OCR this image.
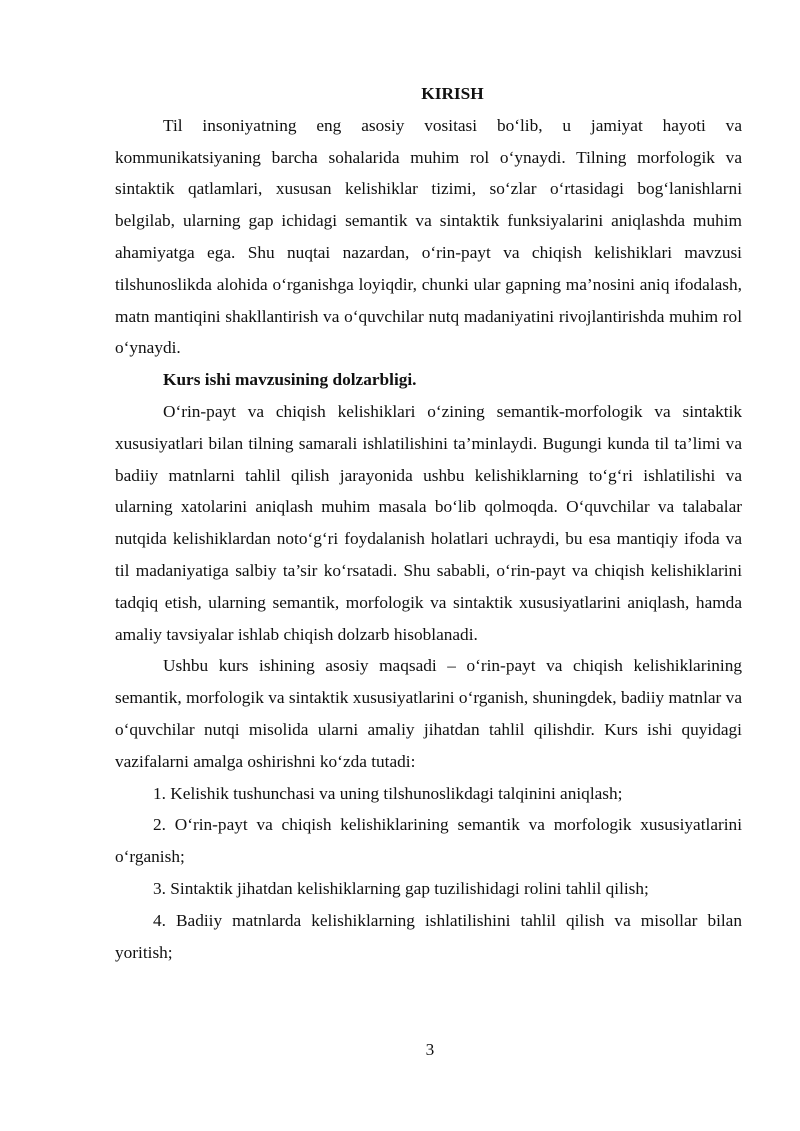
KIRISH

Til insoniyatning eng asosiy vositasi bo‘lib, u jamiyat hayoti va kommunikatsiyaning barcha sohalarida muhim rol o‘ynaydi. Tilning morfologik va sintaktik qatlamlari, xususan kelishiklar tizimi, so‘zlar o‘rtasidagi bog‘lanishlarni belgilab, ularning gap ichidagi semantik va sintaktik funksiyalarini aniqlashda muhim ahamiyatga ega. Shu nuqtai nazardan, o‘rin-payt va chiqish kelishiklari mavzusi tilshunoslikda alohida o‘rganishga loyiqdir, chunki ular gapning ma’nosini aniq ifodalash, matn mantiqini shakllantirish va o‘quvchilar nutq madaniyatini rivojlantirishda muhim rol o‘ynaydi.

Kurs ishi mavzusining dolzarbligi.

O‘rin-payt va chiqish kelishiklari o‘zining semantik-morfologik va sintaktik xususiyatlari bilan tilning samarali ishlatilishini ta’minlaydi. Bugungi kunda til ta’limi va badiiy matnlarni tahlil qilish jarayonida ushbu kelishiklarning to‘g‘ri ishlatilishi va ularning xatolarini aniqlash muhim masala bo‘lib qolmoqda. O‘quvchilar va talabalar nutqida kelishiklardan noto‘g‘ri foydalanish holatlari uchraydi, bu esa mantiqiy ifoda va til madaniyatiga salbiy ta’sir ko‘rsatadi. Shu sababli, o‘rin-payt va chiqish kelishiklarini tadqiq etish, ularning semantik, morfologik va sintaktik xususiyatlarini aniqlash, hamda amaliy tavsiyalar ishlab chiqish dolzarb hisoblanadi.

Ushbu kurs ishining asosiy maqsadi – o‘rin-payt va chiqish kelishiklarining semantik, morfologik va sintaktik xususiyatlarini o‘rganish, shuningdek, badiiy matnlar va o‘quvchilar nutqi misolida ularni amaliy jihatdan tahlil qilishdir. Kurs ishi quyidagi vazifalarni amalga oshirishni ko‘zda tutadi:

1. Kelishik tushunchasi va uning tilshunoslikdagi talqinini aniqlash;
2. O‘rin-payt va chiqish kelishiklarining semantik va morfologik xususiyatlarini o‘rganish;
3. Sintaktik jihatdan kelishiklarning gap tuzilishidagi rolini tahlil qilish;
4. Badiiy matnlarda kelishiklarning ishlatilishini tahlil qilish va misollar bilan yoritish;
3
